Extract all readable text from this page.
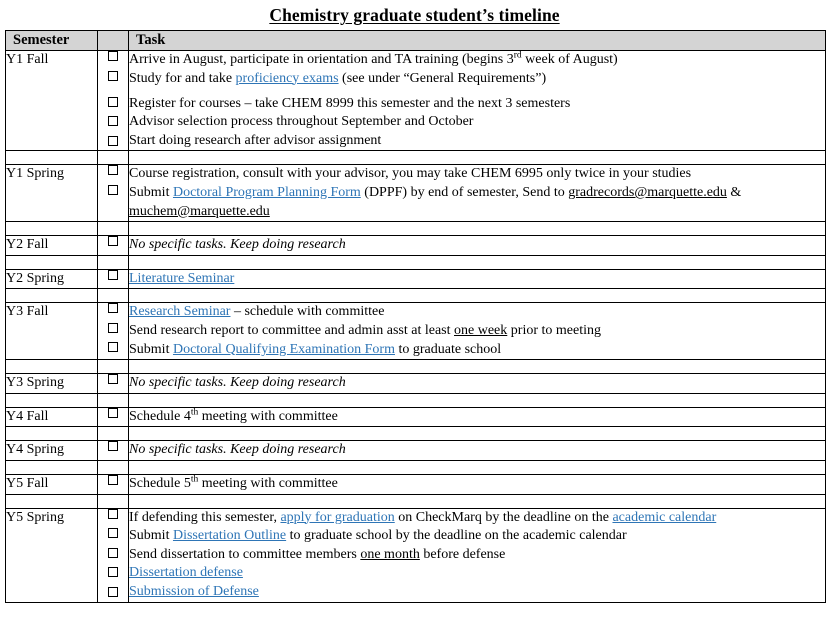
Chemistry graduate student’s timeline
Semester		Task
Y1 Fall		Arrive in August, participate in orientation and TA training (begins 3rd week of August)
Study for and take proficiency exams (see under “General Requirements”)
Register for courses – take CHEM 8999 this semester and the next 3 semesters
Advisor selection process throughout September and October
Start doing research after advisor assignment

Y1 Spring		Course registration, consult with your advisor, you may take CHEM 6995 only twice in your studies
Submit Doctoral Program Planning Form (DPPF) by end of semester, Send to gradrecords@marquette.edu & muchem@marquette.edu

Y2 Fall		No specific tasks. Keep doing research

Y2 Spring		Literature Seminar

Y3 Fall		Research Seminar – schedule with committee
Send research report to committee and admin asst at least one week prior to meeting
Submit Doctoral Qualifying Examination Form to graduate school

Y3 Spring		No specific tasks. Keep doing research

Y4 Fall		Schedule 4th meeting with committee

Y4 Spring		No specific tasks. Keep doing research

Y5 Fall		Schedule 5th meeting with committee

Y5 Spring		If defending this semester, apply for graduation on CheckMarq by the deadline on the academic calendar
Submit Dissertation Outline to graduate school by the deadline on the academic calendar
Send dissertation to committee members one month before defense
Dissertation defense
Submission of Defense
